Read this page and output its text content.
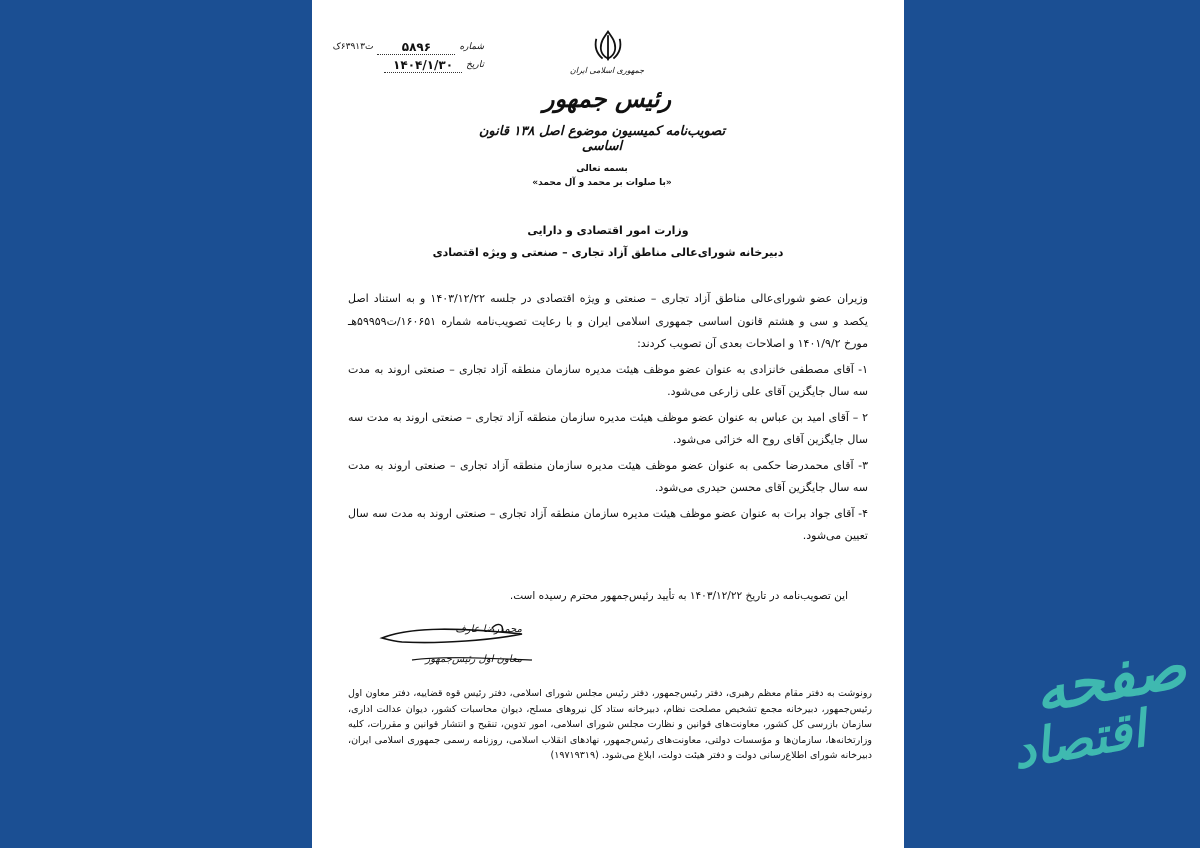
شماره
۵۸۹۶
ت۶۳۹۱۳ک
تاریخ
۱۴۰۴/۱/۳۰	جمهوری اسلامی ایران
رئیس جمهور
تصویب‌نامه کمیسیون موضوع اصل ۱۳۸ قانون اساسی
بسمه تعالی
«با صلوات بر محمد و آل محمد»
وزارت امور اقتصادی و دارایی
دبیرخانه شورای‌عالی مناطق آزاد تجاری – صنعتی و ویژه اقتصادی

وزیران عضو شورای‌عالی مناطق آزاد تجاری – صنعتی و ویژه اقتصادی در جلسه ۱۴۰۳/۱۲/۲۲ و به استناد اصل یکصد و سی و هشتم قانون اساسی جمهوری اسلامی ایران و با رعایت تصویب‌نامه شماره ۱۶۰۶۵۱/ت۵۹۹۵۹هـ مورخ ۱۴۰۱/۹/۲ و اصلاحات بعدی آن تصویب کردند:

۱- آقای مصطفی خانزادی به عنوان عضو موظف هیئت مدیره سازمان منطقه آزاد تجاری – صنعتی اروند به مدت سه سال جایگزین آقای علی زارعی می‌شود.

۲ – آقای امید بن عباس به عنوان عضو موظف هیئت مدیره سازمان منطقه آزاد تجاری – صنعتی اروند به مدت سه سال جایگزین آقای روح اله خزائی می‌شود.

۳- آقای محمدرضا حکمی به عنوان عضو موظف هیئت مدیره سازمان منطقه آزاد تجاری – صنعتی اروند به مدت سه سال جایگزین آقای محسن حیدری می‌شود.

۴- آقای جواد برات به عنوان عضو موظف هیئت مدیره سازمان منطقه آزاد تجاری – صنعتی اروند به مدت سه سال تعیین می‌شود.

این تصویب‌نامه در تاریخ ۱۴۰۳/۱۲/۲۲ به تأیید رئیس‌جمهور محترم رسیده است.
محمدرضا عارف
معاون اول رئیس‌جمهور
رونوشت به دفتر مقام معظم رهبری، دفتر رئیس‌جمهور، دفتر رئیس مجلس شورای اسلامی، دفتر رئیس قوه قضاییه، دفتر معاون اول رئیس‌جمهور، دبیرخانه مجمع تشخیص مصلحت نظام، دبیرخانه ستاد کل نیروهای مسلح، دیوان محاسبات کشور، دیوان عدالت اداری، سازمان بازرسی کل کشور، معاونت‌های قوانین و نظارت مجلس شورای اسلامی، امور تدوین، تنقیح و انتشار قوانین و مقررات، کلیه وزارتخانه‌ها، سازمان‌ها و مؤسسات دولتی، معاونت‌های رئیس‌جمهور، نهادهای انقلاب اسلامی، روزنامه رسمی جمهوری اسلامی ایران، دبیرخانه شورای اطلاع‌رسانی دولت و دفتر هیئت دولت، ابلاغ می‌شود. (۱۹۷۱۹۳۱۹)
صفحه
اقتصاد
